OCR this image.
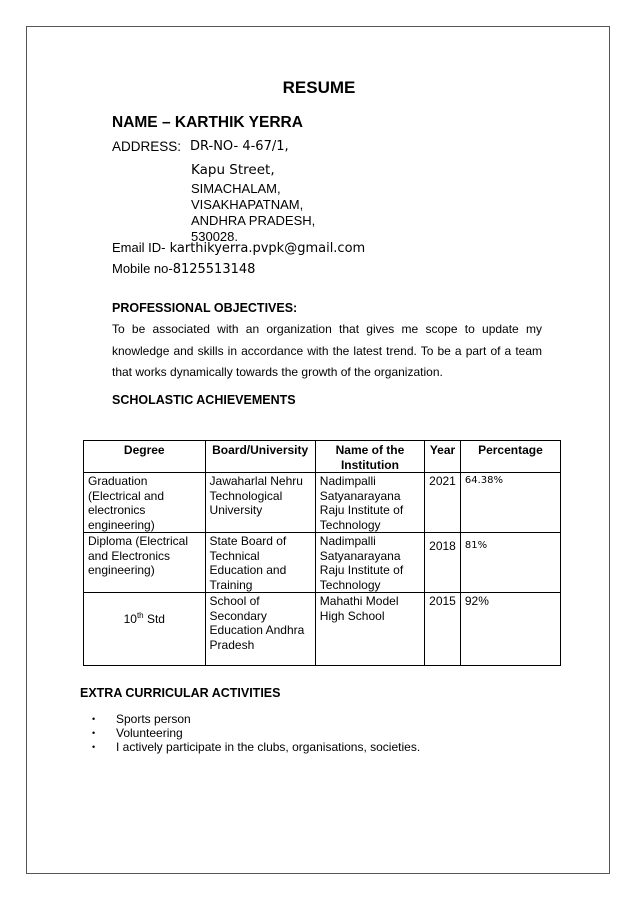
RESUME
NAME – KARTHIK YERRA
ADDRESS: DR-NO- 4-67/1,
Kapu Street,
SIMACHALAM,
VISAKHAPATNAM,
ANDHRA PRADESH,
530028.
Email ID- karthikyerra.pvpk@gmail.com
Mobile no-8125513148
PROFESSIONAL OBJECTIVES:
To be associated with an organization that gives me scope to update my knowledge and skills in accordance with the latest trend. To be a part of a team that works dynamically towards the growth of the organization.
SCHOLASTIC ACHIEVEMENTS
Degree	Board/University	Name of the Institution	Year	Percentage
Graduation (Electrical and electronics engineering)	Jawaharlal Nehru Technological University	Nadimpalli Satyanarayana Raju Institute of Technology	2021	64.38%
Diploma (Electrical and Electronics engineering)	State Board of Technical Education and Training	Nadimpalli Satyanarayana Raju Institute of Technology	2018	81%
10th Std	School of Secondary Education Andhra Pradesh	Mahathi Model High School	2015	92%
EXTRA CURRICULAR ACTIVITIES
• Sports person
• Volunteering
• I actively participate in the clubs, organisations, societies.
